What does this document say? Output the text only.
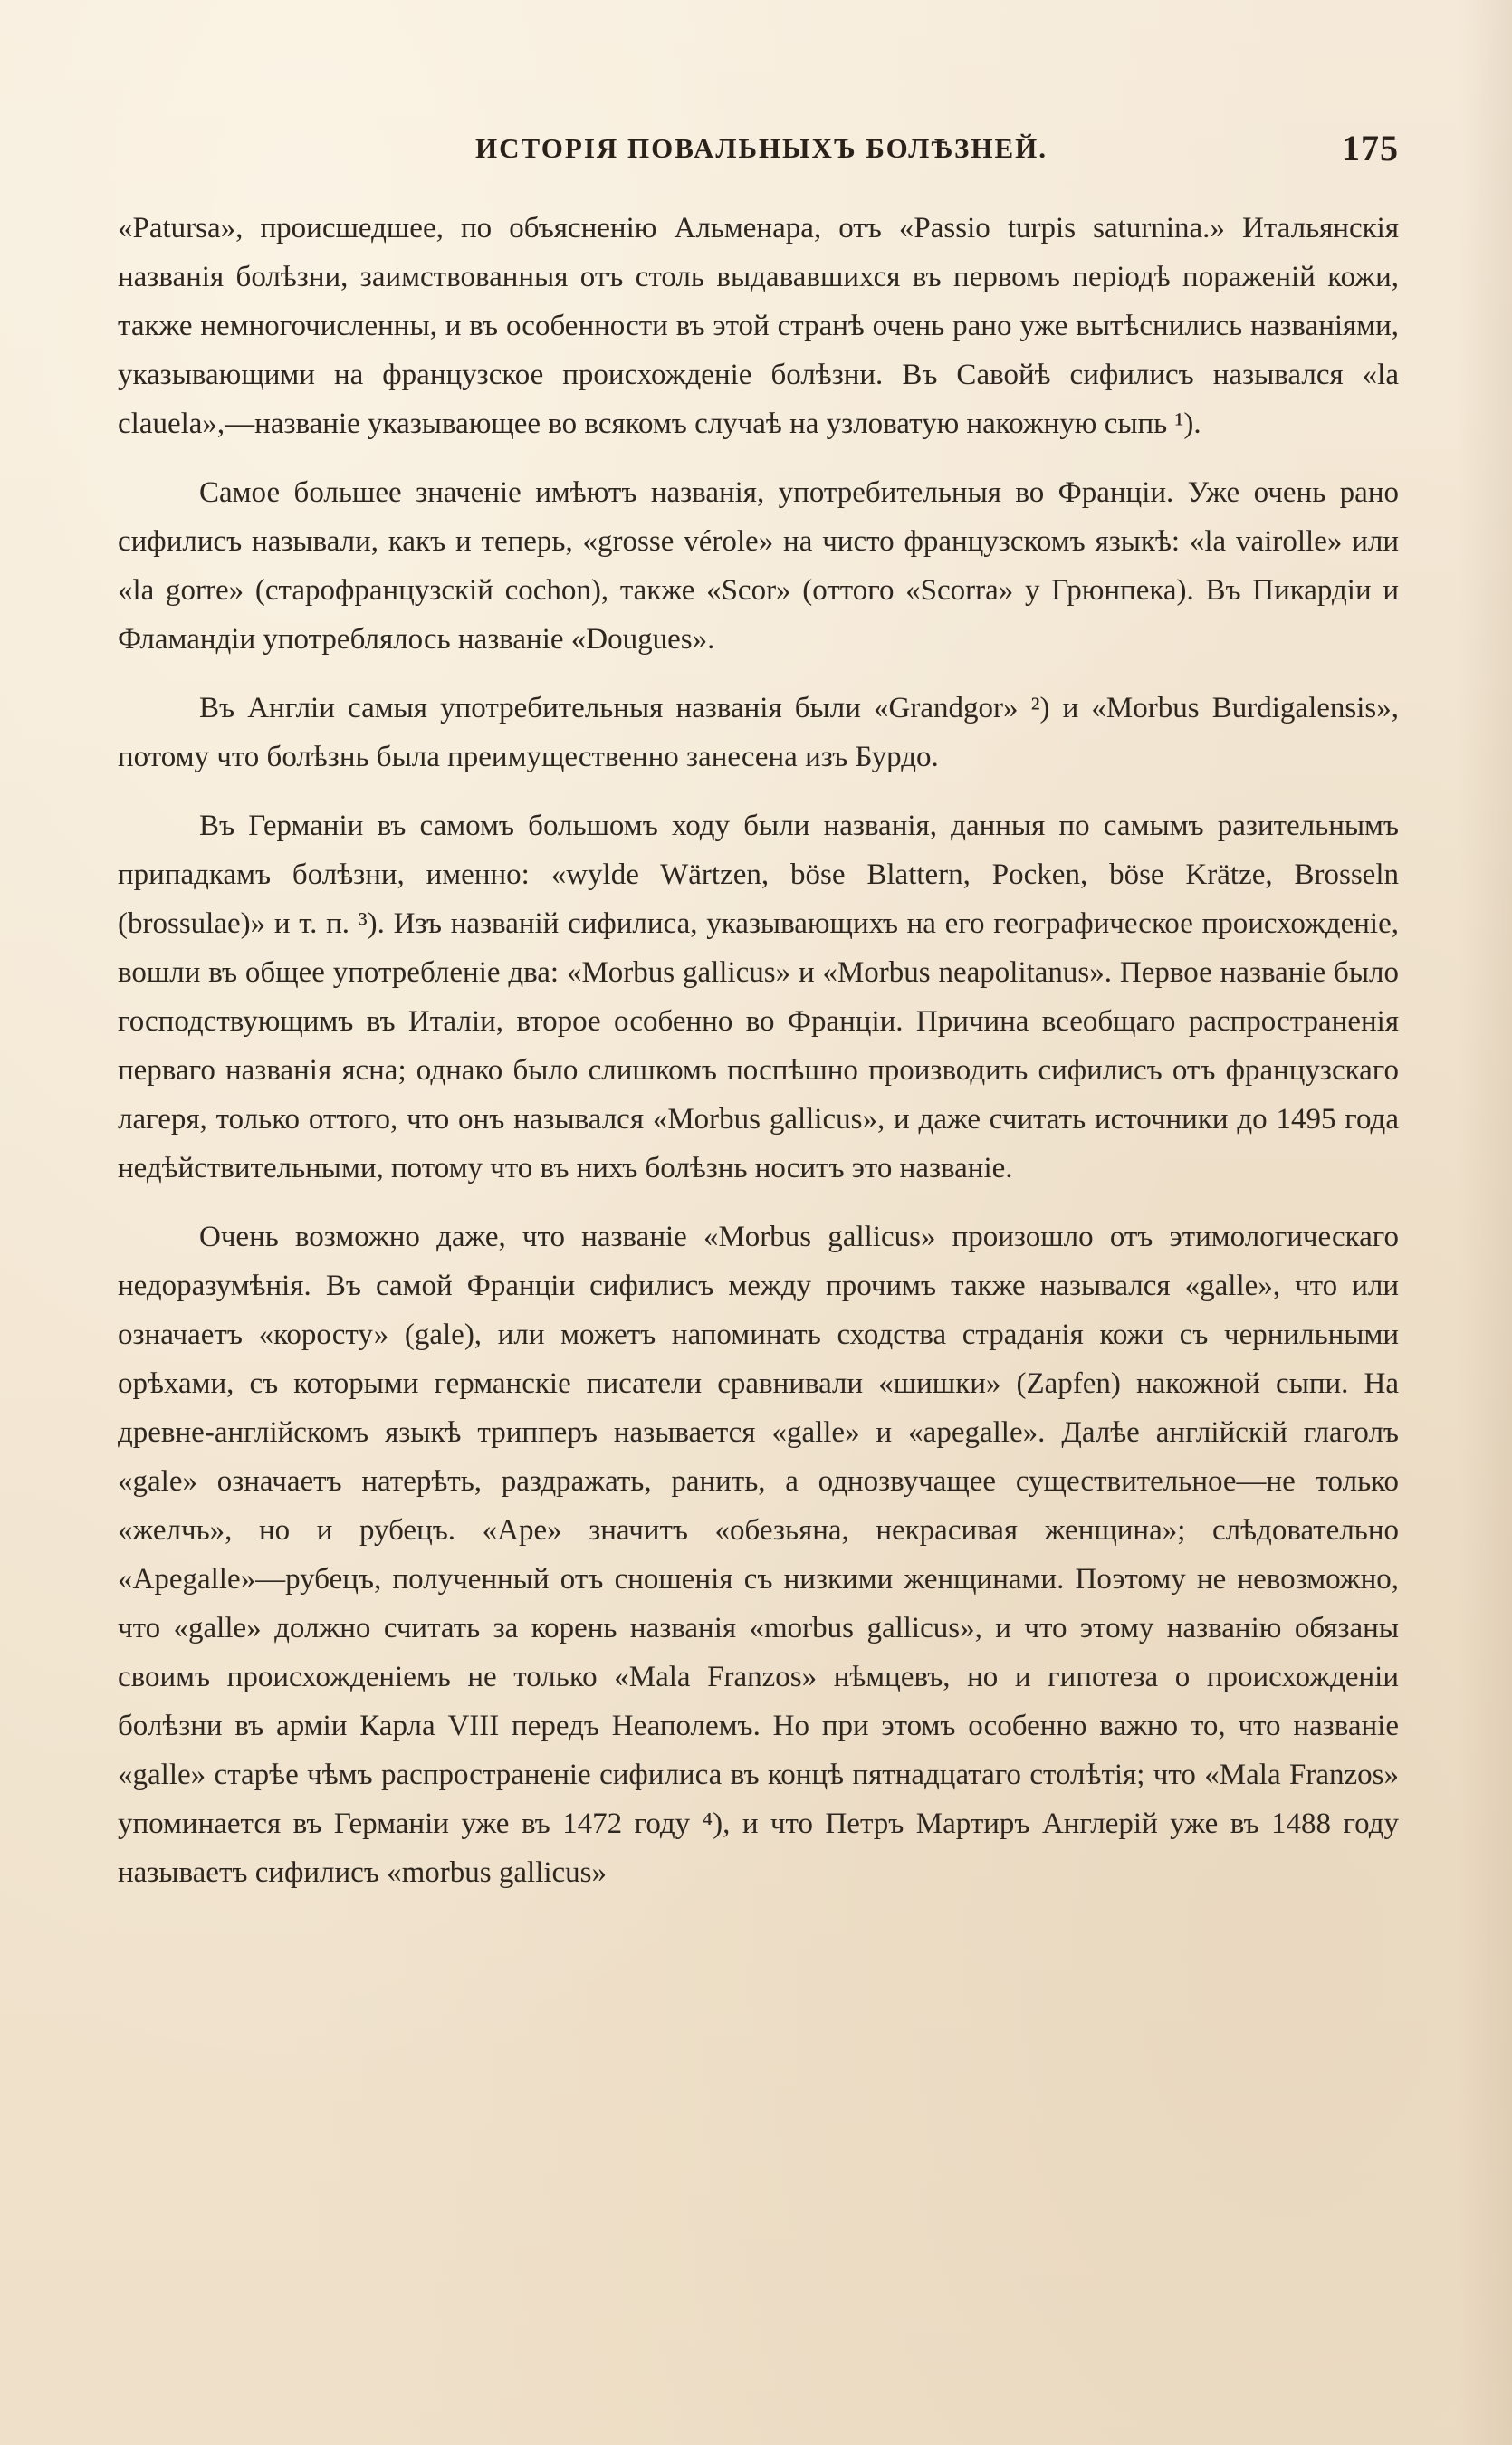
ИСТОРІЯ ПОВАЛЬНЫХЪ БОЛѢЗНЕЙ.	175

«Patursa», происшедшее, по объясненію Альменара, отъ «Passio turpis saturnina.» Итальянскія названія болѣзни, заимствованныя отъ столь выдававшихся въ первомъ періодѣ пораженій кожи, также немногочисленны, и въ особенности въ этой странѣ очень рано уже вытѣснились названіями, указывающими на французское происхожденіе болѣзни. Въ Савойѣ сифилисъ назывался «la clauela»,—названіе указывающее во всякомъ случаѣ на узловатую накожную сыпь ¹).

Самое большее значеніе имѣютъ названія, употребительныя во Франціи. Уже очень рано сифилисъ называли, какъ и теперь, «grosse vérole» на чисто французскомъ языкѣ: «la vairolle» или «la gorre» (старофранцузскій cochon), также «Scor» (оттого «Scorra» у Грюнпека). Въ Пикардіи и Фламандіи употреблялось названіе «Dougues».

Въ Англіи самыя употребительныя названія были «Grandgor» ²) и «Morbus Burdigalensis», потому что болѣзнь была преимущественно занесена изъ Бурдо.

Въ Германіи въ самомъ большомъ ходу были названія, данныя по самымъ разительнымъ припадкамъ болѣзни, именно: «wylde Wärtzen, böse Blattern, Pocken, böse Krätze, Brosseln (brossulae)» и т. п. ³). Изъ названій сифилиса, указывающихъ на его географическое происхожденіе, вошли въ общее употребленіе два: «Morbus gallicus» и «Morbus neapolitanus». Первое названіе было господствующимъ въ Италіи, второе особенно во Франціи. Причина всеобщаго распространенія перваго названія ясна; однако было слишкомъ поспѣшно производить сифилисъ отъ французскаго лагеря, только оттого, что онъ назывался «Morbus gallicus», и даже считать источники до 1495 года недѣйствительными, потому что въ нихъ болѣзнь носитъ это названіе.

Очень возможно даже, что названіе «Morbus gallicus» произошло отъ этимологическаго недоразумѣнія. Въ самой Франціи сифилисъ между прочимъ также назывался «galle», что или означаетъ «коросту» (gale), или можетъ напоминать сходства страданія кожи съ чернильными орѣхами, съ которыми германскіе писатели сравнивали «шишки» (Zapfen) накожной сыпи. На древне-англійскомъ языкѣ трипперъ называется «galle» и «apegalle». Далѣе англійскій глаголъ «gale» означаетъ натерѣть, раздражать, ранить, а однозвучащее существительное—не только «желчь», но и рубецъ. «Ape» значитъ «обезьяна, некрасивая женщина»; слѣдовательно «Apegalle»—рубецъ, полученный отъ сношенія съ низкими женщинами. Поэтому не невозможно, что «galle» должно считать за корень названія «morbus gallicus», и что этому названію обязаны своимъ происхожденіемъ не только «Mala Franzos» нѣмцевъ, но и гипотеза о происхожденіи болѣзни въ арміи Карла VIII передъ Неаполемъ. Но при этомъ особенно важно то, что названіе «galle» старѣе чѣмъ распространеніе сифилиса въ концѣ пятнадцатаго столѣтія; что «Mala Franzos» упоминается въ Германіи уже въ 1472 году ⁴), и что Петръ Мартиръ Англерій уже въ 1488 году называетъ сифилисъ «morbus gallicus»
